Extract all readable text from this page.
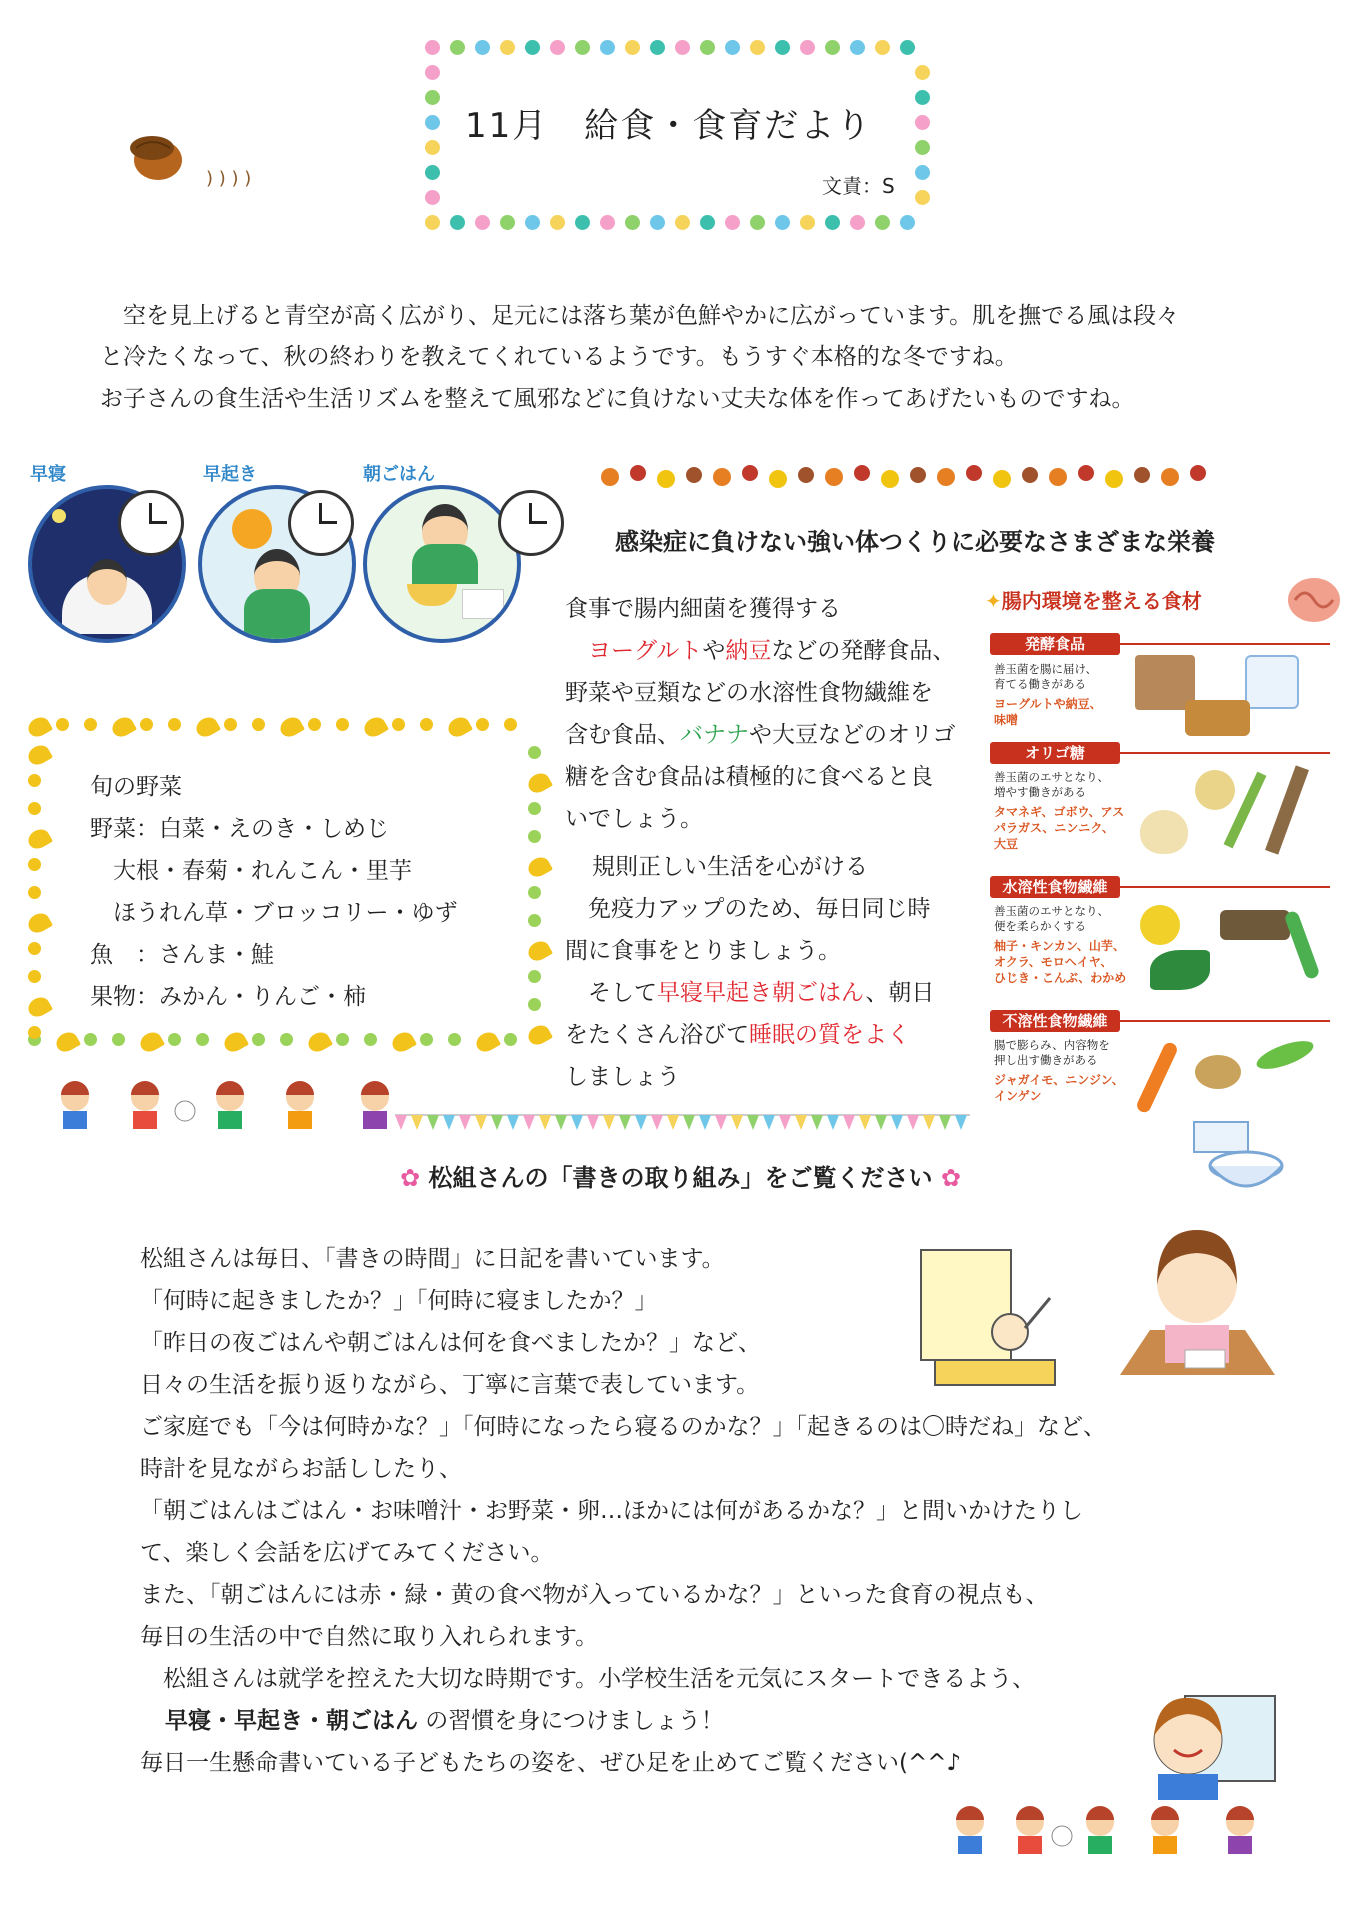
11月　給食・食育だより
文責：S
) ) ) )
　空を見上げると青空が高く広がり、足元には落ち葉が色鮮やかに広がっています。肌を撫でる風は段々
と冷たくなって、秋の終わりを教えてくれているようです。もうすぐ本格的な冬ですね。
お子さんの食生活や生活リズムを整えて風邪などに負けない丈夫な体を作ってあげたいものですね。
早寝	早起き	朝ごはん
旬の野菜
野菜：白菜・えのき・しめじ
　大根・春菊・れんこん・里芋
　ほうれん草・ブロッコリー・ゆず
魚　：さんま・鮭
果物：みかん・りんご・柿
感染症に負けない強い体つくりに必要なさまざまな栄養
食事で腸内細菌を獲得する
　ヨーグルトや納豆などの発酵食品、
野菜や豆類などの水溶性食物繊維を
含む食品、バナナや大豆などのオリゴ
糖を含む食品は積極的に食べると良
いでしょう。
規則正しい生活を心がける
　免疫力アップのため、毎日同じ時
間に食事をとりましょう。
　そして早寝早起き朝ごはん、朝日
をたくさん浴びて睡眠の質をよく
しましょう
✦腸内環境を整える食材
発酵食品
善玉菌を腸に届け、
育てる働きがある
ヨーグルトや納豆、
味噌
オリゴ糖
善玉菌のエサとなり、
増やす働きがある
タマネギ、ゴボウ、アス
パラガス、ニンニク、
大豆
水溶性食物繊維
善玉菌のエサとなり、
便を柔らかくする
柚子・キンカン、山芋、
オクラ、モロヘイヤ、
ひじき・こんぶ、わかめ
不溶性食物繊維
腸で膨らみ、内容物を
押し出す働きがある
ジャガイモ、ニンジン、
インゲン
✿ 松組さんの「書きの取り組み」をご覧ください ✿
松組さんは毎日、「書きの時間」に日記を書いています。
「何時に起きましたか？」「何時に寝ましたか？」
「昨日の夜ごはんや朝ごはんは何を食べましたか？」など、
日々の生活を振り返りながら、丁寧に言葉で表しています。
ご家庭でも「今は何時かな？」「何時になったら寝るのかな？」「起きるのは〇時だね」など、
時計を見ながらお話ししたり、
「朝ごはんはごはん・お味噌汁・お野菜・卵…ほかには何があるかな？」と問いかけたりし
て、楽しく会話を広げてみてください。
また、「朝ごはんには赤・緑・黄の食べ物が入っているかな？」といった食育の視点も、
毎日の生活の中で自然に取り入れられます。
　松組さんは就学を控えた大切な時期です。小学校生活を元気にスタートできるよう、
早寝・早起き・朝ごはん の習慣を身につけましょう！
毎日一生懸命書いている子どもたちの姿を、ぜひ足を止めてご覧ください(^^♪
